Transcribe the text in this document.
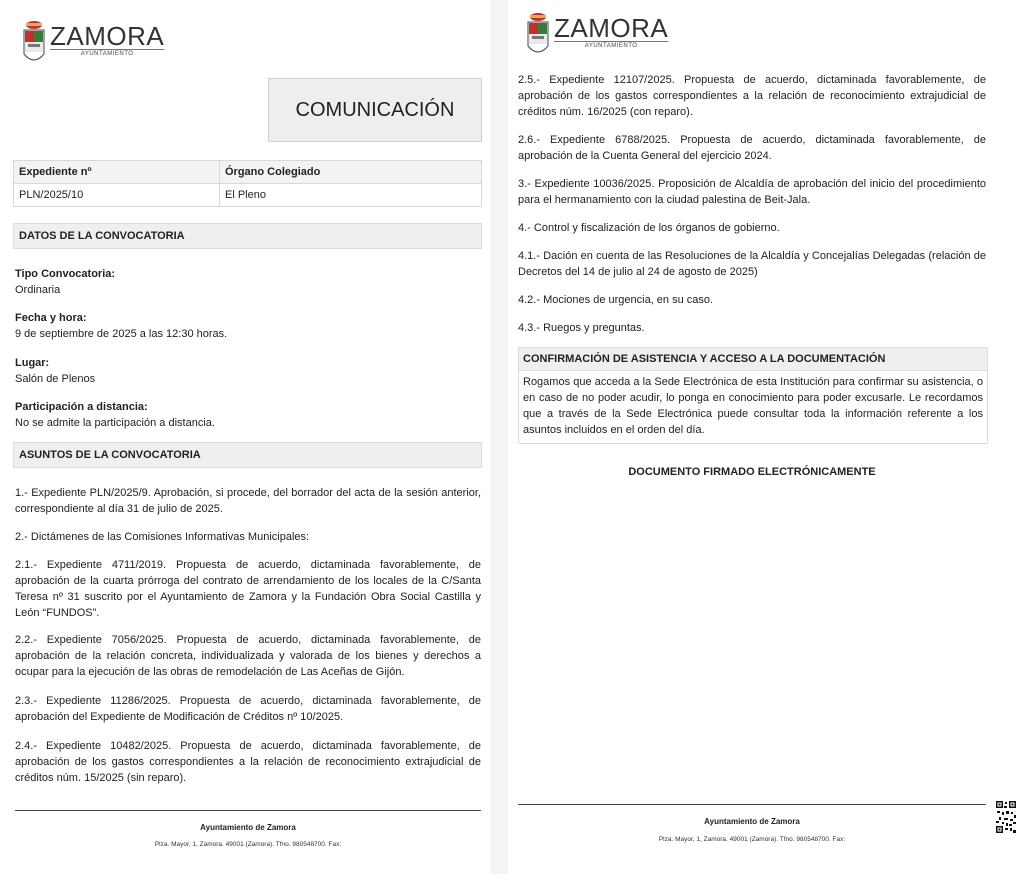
ZAMORA
AYUNTAMIENTO
COMUNICACIÓN
Expediente nº	Órgano Colegiado
PLN/2025/10	El Pleno
DATOS DE LA CONVOCATORIA
Tipo Convocatoria:
Ordinaria
Fecha y hora:
9 de septiembre de 2025 a las 12:30 horas.
Lugar:
Salón de Plenos
Participación a distancia:
No se admite la participación a distancia.
ASUNTOS DE LA CONVOCATORIA
1.- Expediente PLN/2025/9. Aprobación, si procede, del borrador del acta de la sesión anterior, correspondiente al día 31 de julio de 2025.
2.- Dictámenes de las Comisiones Informativas Municipales:
2.1.- Expediente 4711/2019. Propuesta de acuerdo, dictaminada favorablemente, de aprobación de la cuarta prórroga del contrato de arrendamiento de los locales de la C/Santa Teresa nº 31 suscrito por el Ayuntamiento de Zamora y la Fundación Obra Social Castilla y León “FUNDOS”.
2.2.- Expediente 7056/2025. Propuesta de acuerdo, dictaminada favorablemente, de aprobación de la relación concreta, individualizada y valorada de los bienes y derechos a ocupar para la ejecución de las obras de remodelación de Las Aceñas de Gijón.
2.3.- Expediente 11286/2025. Propuesta de acuerdo, dictaminada favorablemente, de aprobación del Expediente de Modificación de Créditos nº 10/2025.
2.4.- Expediente 10482/2025. Propuesta de acuerdo, dictaminada favorablemente, de aprobación de los gastos correspondientes a la relación de reconocimiento extrajudicial de créditos núm. 15/2025 (sin reparo).
Ayuntamiento de Zamora
Plza. Mayor, 1, Zamora. 49001 (Zamora). Tfno. 980548700. Fax:
ZAMORA
AYUNTAMIENTO
2.5.- Expediente 12107/2025. Propuesta de acuerdo, dictaminada favorablemente, de aprobación de los gastos correspondientes a la relación de reconocimiento extrajudicial de créditos núm. 16/2025 (con reparo).
2.6.- Expediente 6788/2025. Propuesta de acuerdo, dictaminada favorablemente, de aprobación de la Cuenta General del ejercicio 2024.
3.- Expediente 10036/2025. Proposición de Alcaldía de aprobación del inicio del procedimiento para el hermanamiento con la ciudad palestina de Beit-Jala.
4.- Control y fiscalización de los órganos de gobierno.
4.1.- Dación en cuenta de las Resoluciones de la Alcaldía y Concejalías Delegadas (relación de Decretos del 14 de julio al 24 de agosto de 2025)
4.2.- Mociones de urgencia, en su caso.
4.3.- Ruegos y preguntas.
CONFIRMACIÓN DE ASISTENCIA Y ACCESO A LA DOCUMENTACIÓN
Rogamos que acceda a la Sede Electrónica de esta Institución para confirmar su asistencia, o en caso de no poder acudir, lo ponga en conocimiento para poder excusarle. Le recordamos que a través de la Sede Electrónica puede consultar toda la información referente a los asuntos incluidos en el orden del día.
DOCUMENTO FIRMADO ELECTRÓNICAMENTE
Ayuntamiento de Zamora
Plza. Mayor, 1, Zamora. 49001 (Zamora). Tfno. 980548700. Fax:
